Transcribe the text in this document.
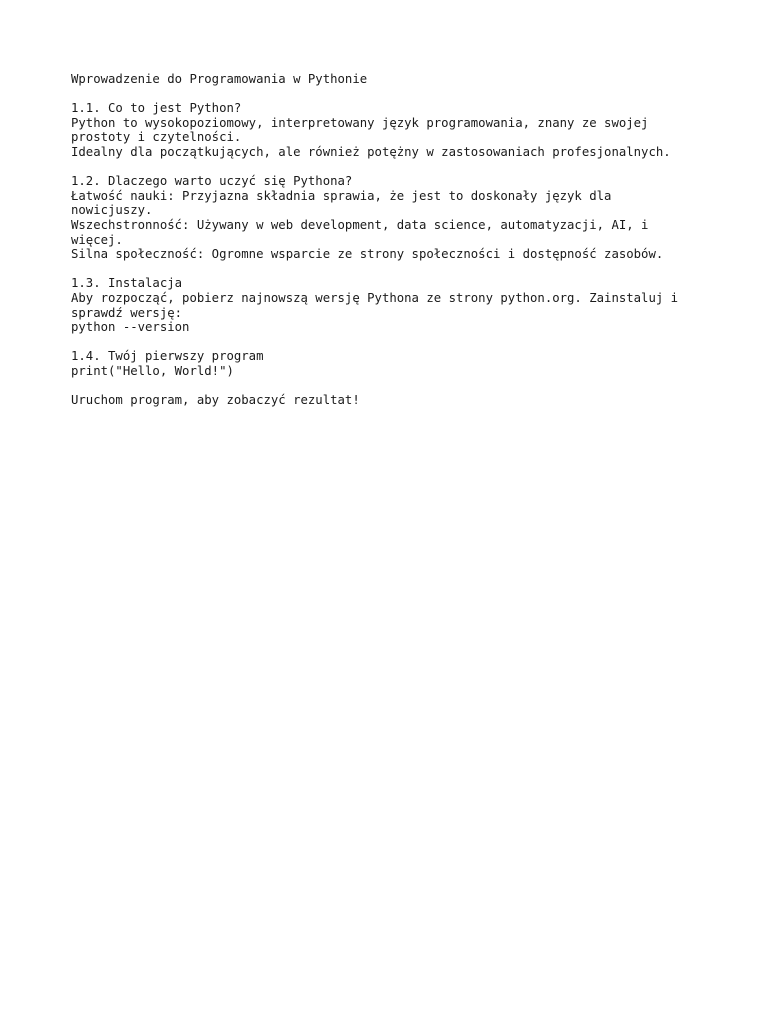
Wprowadzenie do Programowania w Pythonie
1.1. Co to jest Python?
Python to wysokopoziomowy, interpretowany język programowania, znany ze swojej
prostoty i czytelności.
Idealny dla początkujących, ale również potężny w zastosowaniach profesjonalnych.
1.2. Dlaczego warto uczyć się Pythona?
Łatwość nauki: Przyjazna składnia sprawia, że jest to doskonały język dla
nowicjuszy.
Wszechstronność: Używany w web development, data science, automatyzacji, AI, i
więcej.
Silna społeczność: Ogromne wsparcie ze strony społeczności i dostępność zasobów.
1.3. Instalacja
Aby rozpocząć, pobierz najnowszą wersję Pythona ze strony python.org. Zainstaluj i
sprawdź wersję:
python --version
1.4. Twój pierwszy program
print("Hello, World!")
Uruchom program, aby zobaczyć rezultat!
